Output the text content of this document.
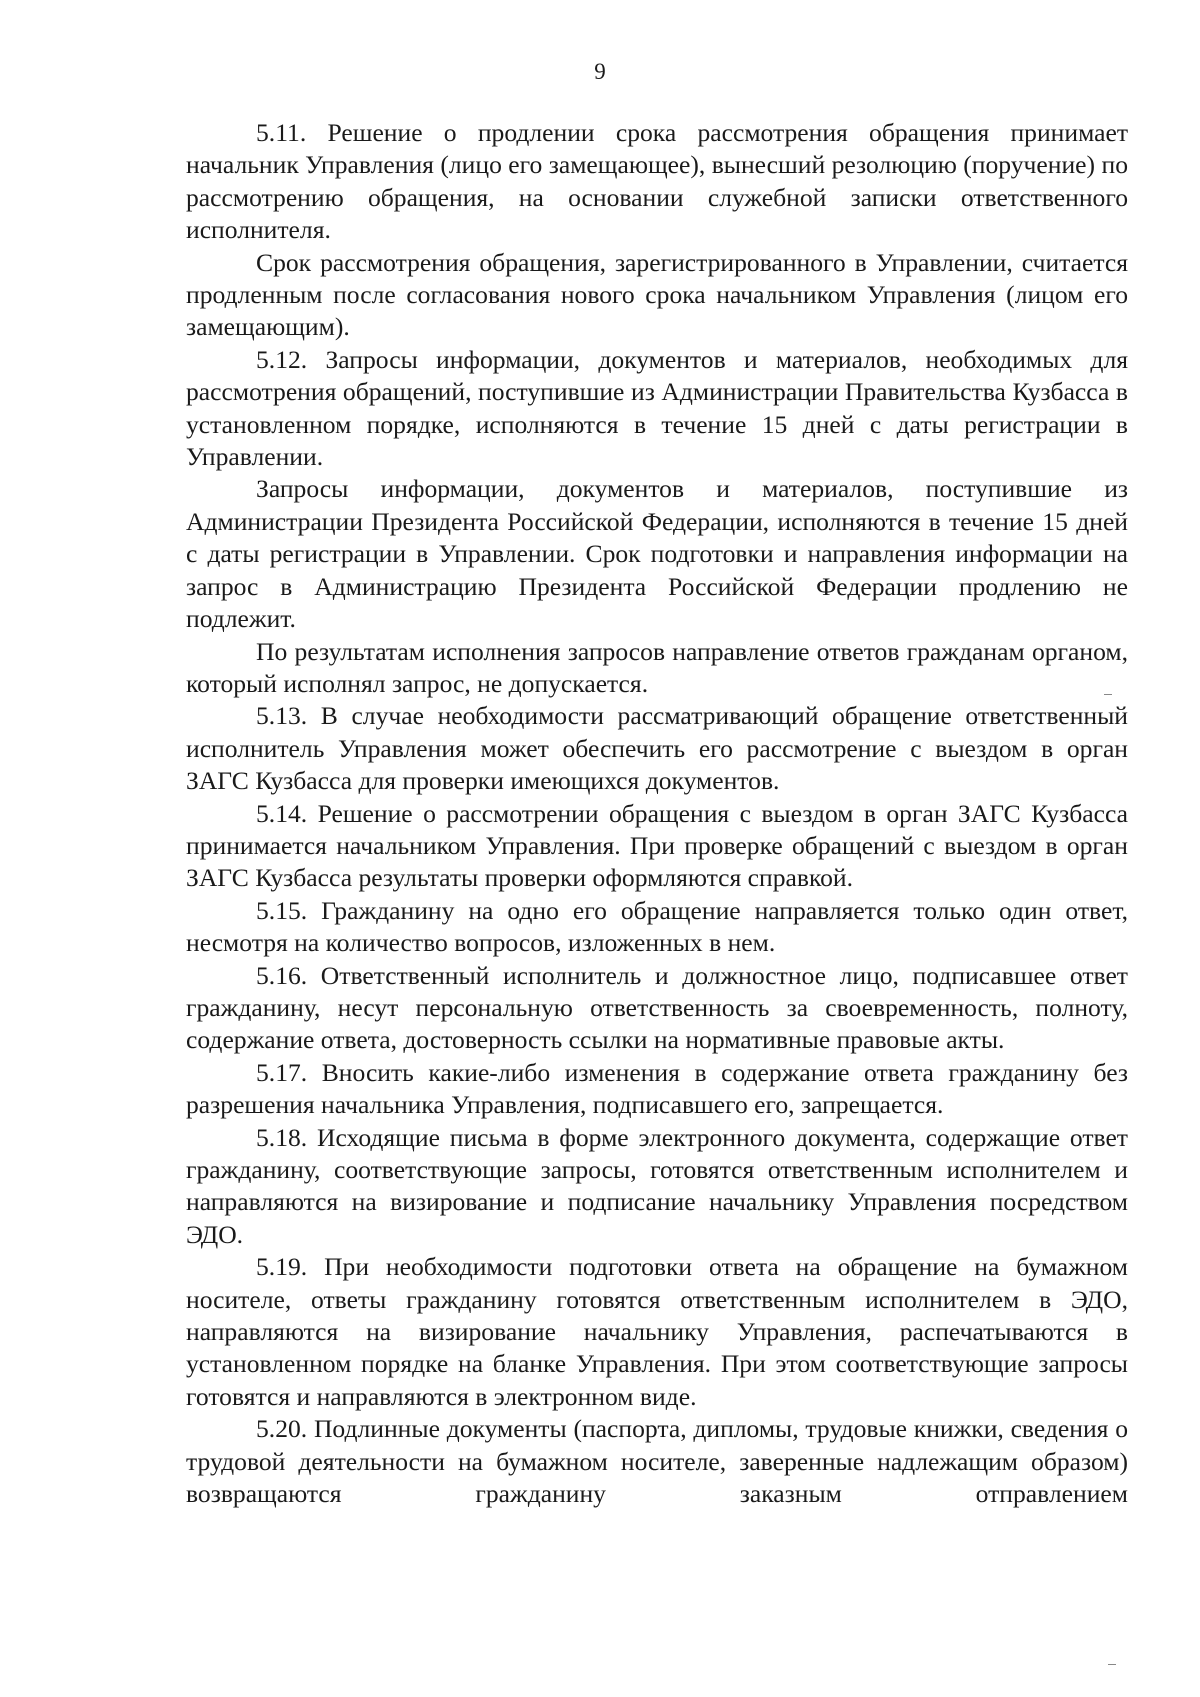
9

5.11. Решение о продлении срока рассмотрения обращения принимает начальник Управления (лицо его замещающее), вынесший резолюцию (поручение) по рассмотрению обращения, на основании служебной записки ответственного исполнителя.

Срок рассмотрения обращения, зарегистрированного в Управлении, считается продленным после согласования нового срока начальником Управления (лицом его замещающим).

5.12. Запросы информации, документов и материалов, необходимых для рассмотрения обращений, поступившие из Администрации Правительства Кузбасса в установленном порядке, исполняются в течение 15 дней с даты регистрации в Управлении.

Запросы информации, документов и материалов, поступившие из Администрации Президента Российской Федерации, исполняются в течение 15 дней с даты регистрации в Управлении. Срок подготовки и направления информации на запрос в Администрацию Президента Российской Федерации продлению не подлежит.

По результатам исполнения запросов направление ответов гражданам органом, который исполнял запрос, не допускается.

5.13. В случае необходимости рассматривающий обращение ответственный исполнитель Управления может обеспечить его рассмотрение с выездом в орган ЗАГС Кузбасса для проверки имеющихся документов.

5.14. Решение о рассмотрении обращения с выездом в орган ЗАГС Кузбасса принимается начальником Управления. При проверке обращений с выездом в орган ЗАГС Кузбасса результаты проверки оформляются справкой.

5.15. Гражданину на одно его обращение направляется только один ответ, несмотря на количество вопросов, изложенных в нем.

5.16. Ответственный исполнитель и должностное лицо, подписавшее ответ гражданину, несут персональную ответственность за своевременность, полноту, содержание ответа, достоверность ссылки на нормативные правовые акты.

5.17. Вносить какие-либо изменения в содержание ответа гражданину без разрешения начальника Управления, подписавшего его, запрещается.

5.18. Исходящие письма в форме электронного документа, содержащие ответ гражданину, соответствующие запросы, готовятся ответственным исполнителем и направляются на визирование и подписание начальнику Управления посредством ЭДО.

5.19. При необходимости подготовки ответа на обращение на бумажном носителе, ответы гражданину готовятся ответственным исполнителем в ЭДО, направляются на визирование начальнику Управления, распечатываются в установленном порядке на бланке Управления. При этом соответствующие запросы готовятся и направляются в электронном виде.

5.20. Подлинные документы (паспорта, дипломы, трудовые книжки, сведения о трудовой деятельности на бумажном носителе, заверенные надлежащим образом) возвращаются гражданину заказным отправлением
